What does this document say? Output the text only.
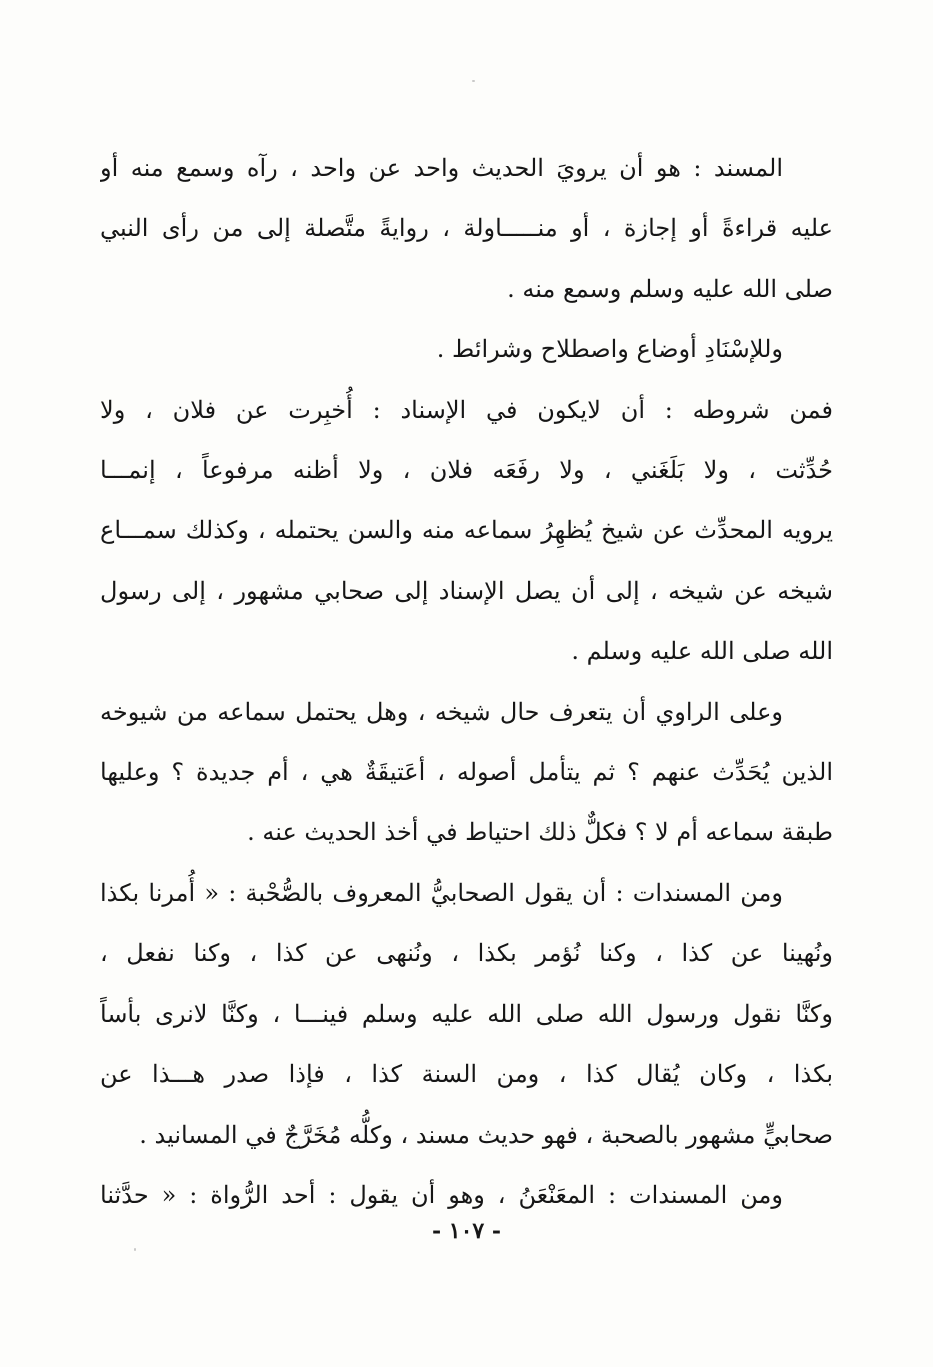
المسند : هو أن يرويَ الحديث واحد عن واحد ، رآه وسمع منه أو
عليه قراءةً أو إجازة ، أو منـــــاولة ، روايةً متَّصلة إلى من رأى النبي
صلى الله عليه وسلم وسمع منه .
وللإسْنَادِ أوضاع واصطلاح وشرائط .
فمن شروطه : أن لايكون في الإسناد : أُخبِرت عن فلان ، ولا
حُدِّثت ، ولا بَلَغَني ، ولا رفَعَه فلان ، ولا أظنه مرفوعاً ، إنمـــا
يرويه المحدِّث عن شيخ يُظهِرُ سماعه منه والسن يحتمله ، وكذلك سمـــاع
شيخه عن شيخه ، إلى أن يصل الإسناد إلى صحابي مشهور ، إلى رسول
الله صلى الله عليه وسلم .
وعلى الراوي أن يتعرف حال شيخه ، وهل يحتمل سماعه من شيوخه
الذين يُحَدِّث عنهم ؟ ثم يتأمل أصوله ، أعَتيقَةٌ هي ، أم جديدة ؟ وعليها
طبقة سماعه أم لا ؟ فكلٌّ ذلك احتياط في أخذ الحديث عنه .
ومن المسندات : أن يقول الصحابيُّ المعروف بالصُّحْبة : « أُمرنا بكذا
ونُهينا عن كذا ، وكنا نُؤمر بكذا ، ونُنهى عن كذا ، وكنا نفعل ،
وكنَّا نقول ورسول الله صلى الله عليه وسلم فينـــا ، وكنَّا لانرى بأساً
بكذا ، وكان يُقال كذا ، ومن السنة كذا ، فإذا صدر هـــذا عن
صحابيٍّ مشهور بالصحبة ، فهو حديث مسند ، وكلُّه مُخَرَّجٌ في المسانيد .
ومن المسندات : المعَنْعَنُ ، وهو أن يقول : أحد الرُّواة : « حدَّثنا
- ١٠٧ -
